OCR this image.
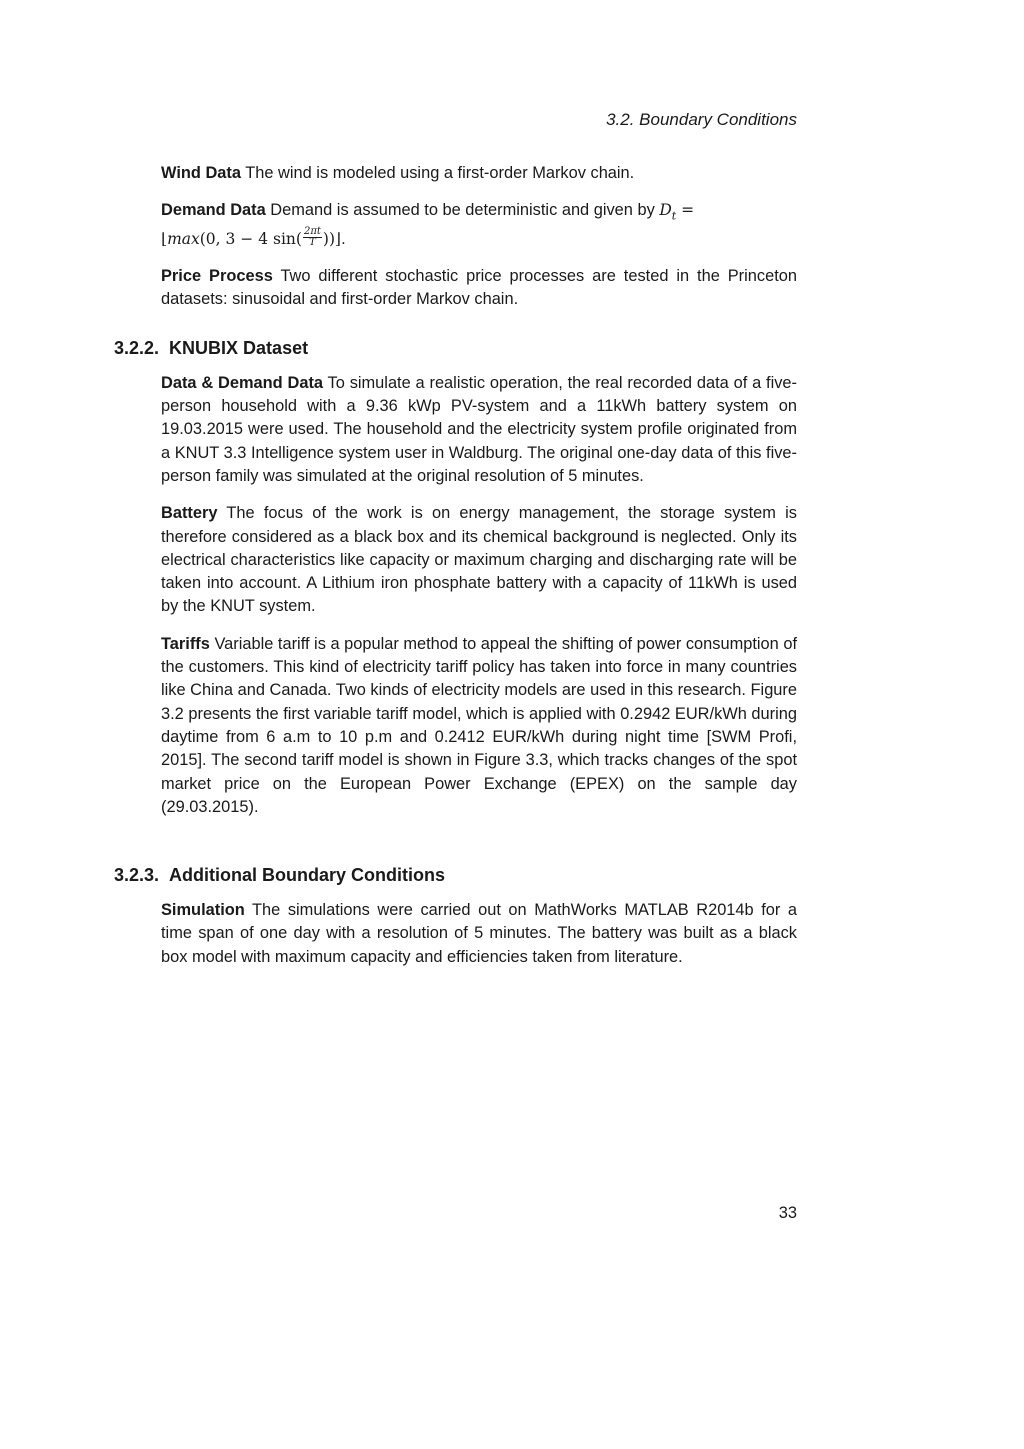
3.2. Boundary Conditions

Wind Data The wind is modeled using a first-order Markov chain.

Demand Data Demand is assumed to be deterministic and given by $D_t$ =
⌊max(0, 3 − 4 $\sin( \frac{2\pi t}{T}$ ))⌋.

Price Process Two different stochastic price processes are tested in the Princeton datasets: sinusoidal and first-order Markov chain.

3.2.2. KNUBIX Dataset

Data & Demand Data To simulate a realistic operation, the real recorded data of a five-person household with a 9.36 kWp PV-system and a 11kWh battery system on 19.03.2015 were used. The household and the electricity system profile originated from a KNUT 3.3 Intelligence system user in Waldburg. The original one-day data of this five-person family was simulated at the original resolution of 5 minutes.

Battery The focus of the work is on energy management, the storage system is therefore considered as a black box and its chemical background is neglected. Only its electrical characteristics like capacity or maximum charging and discharging rate will be taken into account. A Lithium iron phosphate battery with a capacity of 11kWh is used by the KNUT system.

Tariffs Variable tariff is a popular method to appeal the shifting of power consumption of the customers. This kind of electricity tariff policy has taken into force in many countries like China and Canada. Two kinds of electricity models are used in this research. Figure 3.2 presents the first variable tariff model, which is applied with 0.2942 EUR/kWh during daytime from 6 a.m to 10 p.m and 0.2412 EUR/kWh during night time [SWM Profi, 2015]. The second tariff model is shown in Figure 3.3, which tracks changes of the spot market price on the European Power Exchange (EPEX) on the sample day (29.03.2015).

3.2.3. Additional Boundary Conditions

Simulation The simulations were carried out on MathWorks MATLAB R2014b for a time span of one day with a resolution of 5 minutes. The battery was built as a black box model with maximum capacity and efficiencies taken from literature.

33
